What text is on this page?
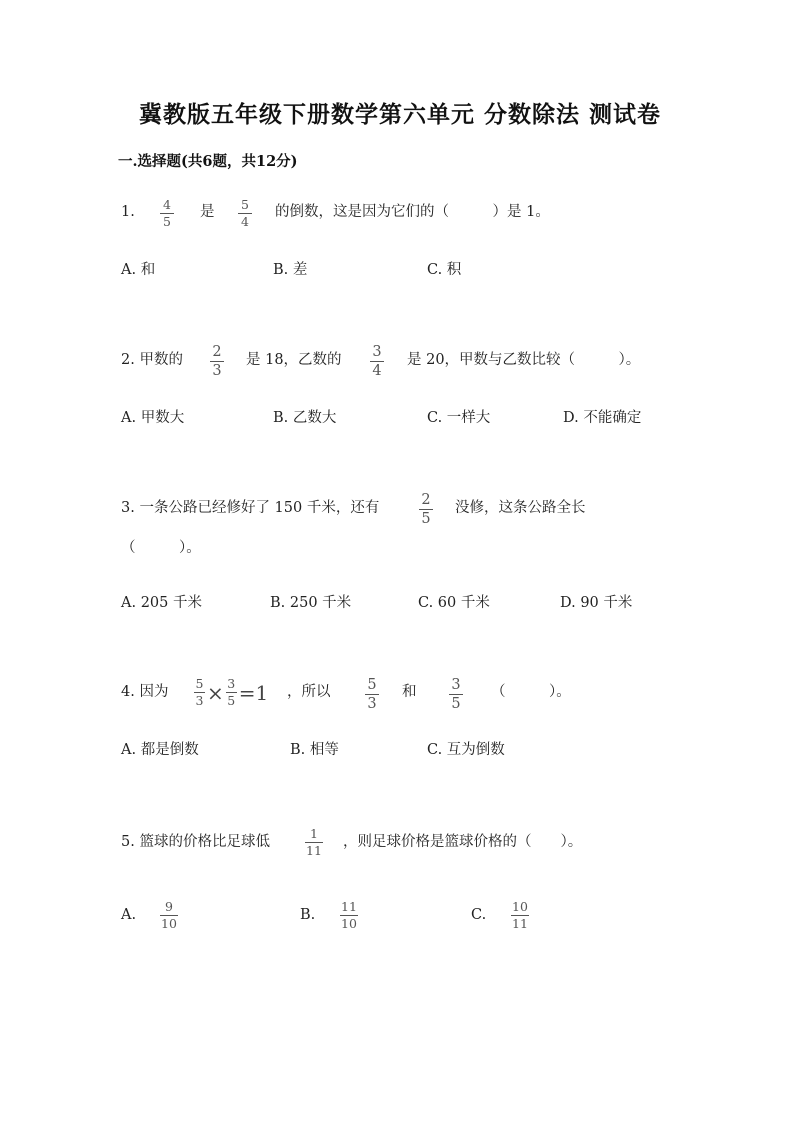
冀教版五年级下册数学第六单元 分数除法 测试卷
一.选择题(共6题，共12分)
1. 4
5
是 5
4
的倒数，这是因为它们的（　　　）是 1。
A. 和	B. 差	C. 积
2. 甲数的 2
3
是 18，乙数的 3
4
是 20，甲数与乙数比较（　　　）。
A. 甲数大	B. 乙数大	C. 一样大	D. 不能确定
3. 一条公路已经修好了 150 千米，还有	2
5
没修，这条公路全长
（　　　）。
A. 205 千米	B. 250 千米	C. 60 千米	D. 90 千米
4. 因为 $\frac{5}{3} \times \frac{3}{5} =1$ ，所以	5
3
和 3
5
（　　　）。
A. 都是倒数	B. 相等	C. 互为倒数
5. 篮球的价格比足球低
1
11
，则足球价格是篮球价格的（　　）。
A.
9
10
B.
11
10
C.
10
11
